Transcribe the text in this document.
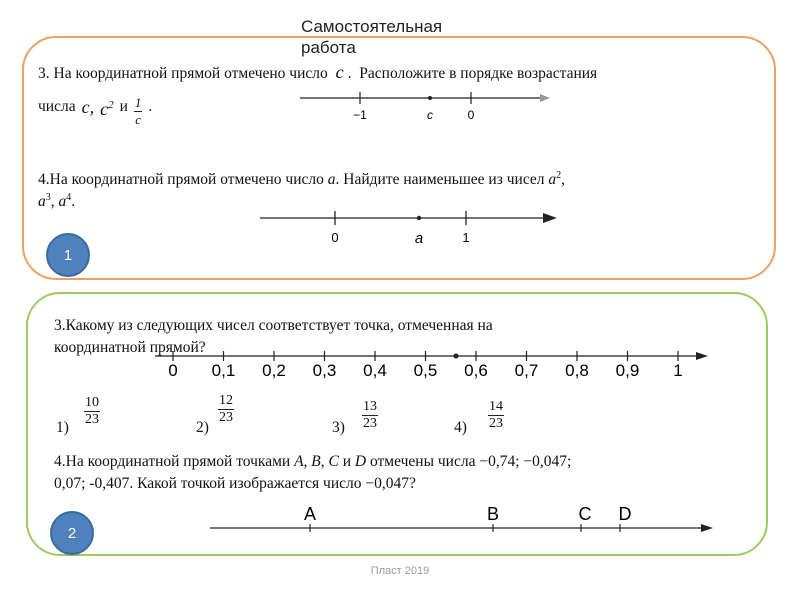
Самостоятельная работа
3. На координатной прямой отмечено число c .  Расположите в порядке возрастания
числа c, $c^2$ и $\frac{1}{c}$ .
−1	c	0
4.На координатной прямой отмечено число a. Найдите наименьшее из чисел $a^2$,
$a^3$, $a^4$.
0	a	1
1
3.Какому из следующих чисел соответствует точка, отмеченная на
координатной прямой?
0 0,1 0,2 0,3 0,4 0,5 0,6 0,7 0,8 0,9 1
1)
10
23	2)
12
23
3)
13
23	4)
14
23
4.На координатной прямой точками A, B, C и D отмечены числа −0,74; −0,047;
0,07; -0,407. Какой точкой изображается число −0,047?
A	B	C D
2
Пласт 2019
